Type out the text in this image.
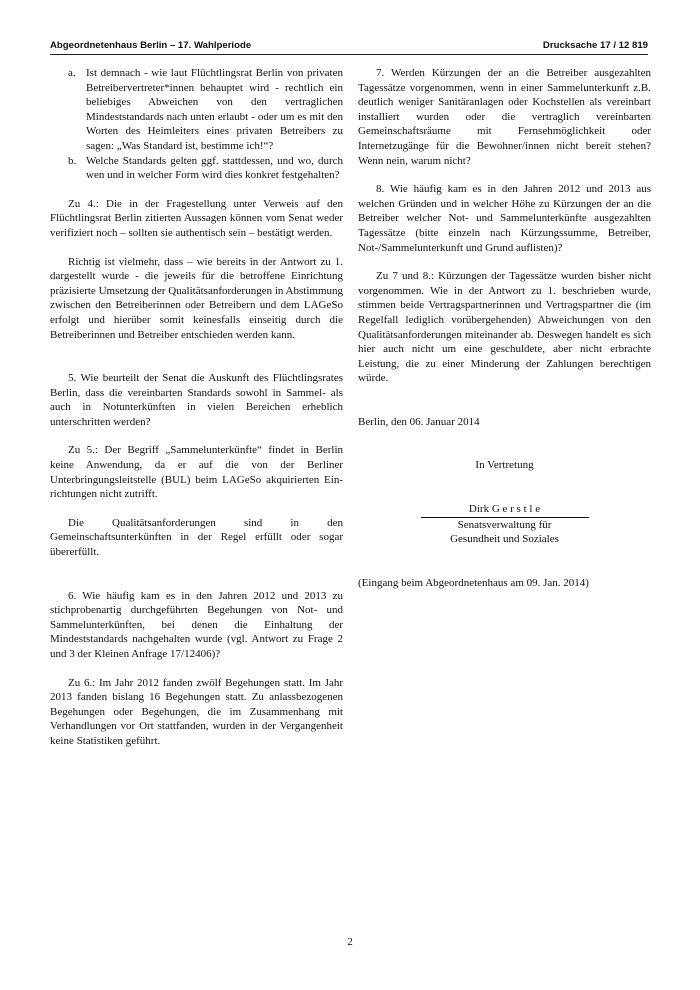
Abgeordnetenhaus Berlin – 17. Wahlperiode	Drucksache 17 / 12 819
a. Ist demnach - wie laut Flüchtlingsrat Berlin von privaten Betreibervertreter*innen behauptet wird - rechtlich ein beliebiges Abweichen von den vertraglichen Mindeststandards nach unten erlaubt - oder um es mit den Worten des Heimleiters eines privaten Betreibers zu sagen: „Was Standard ist, bestimme ich!“?
b. Welche Standards gelten ggf. stattdessen, und wo, durch wen und in welcher Form wird dies konkret festgehalten?

Zu 4.: Die in der Fragestellung unter Verweis auf den Flüchtlingsrat Berlin zitierten Aussagen können vom Senat weder verifiziert noch – sollten sie authentisch sein – bestätigt werden.

Richtig ist vielmehr, dass – wie bereits in der Antwort zu 1. dargestellt wurde - die jeweils für die betroffene Einrichtung präzisierte Umsetzung der Qualitätsanforderungen in Abstimmung zwischen den Betreiberinnen oder Betreibern und dem LAGeSo erfolgt und hierüber somit keinesfalls einseitig durch die Betreiberinnen und Betreiber entschieden werden kann.

5. Wie beurteilt der Senat die Auskunft des Flüchtlingsrates Berlin, dass die vereinbarten Standards sowohl in Sammel- als auch in Notunterkünften in vielen Bereichen erheblich unterschritten werden?

Zu 5.: Der Begriff „Sammelunterkünfte“ findet in Berlin keine Anwendung, da er auf die von der Berliner Unterbringungsleitstelle (BUL) beim LAGeSo akquirierten Ein-richtungen nicht zutrifft.

Die Qualitätsanforderungen sind in den Gemeinschaftsunterkünften in der Regel erfüllt oder sogar übererfüllt.

6. Wie häufig kam es in den Jahren 2012 und 2013 zu stichprobenartig durchgeführten Begehungen von Not- und Sammelunterkünften, bei denen die Einhaltung der Mindeststandards nachgehalten wurde (vgl. Antwort zu Frage 2 und 3 der Kleinen Anfrage 17/12406)?

Zu 6.: Im Jahr 2012 fanden zwölf Begehungen statt. Im Jahr 2013 fanden bislang 16 Begehungen statt. Zu anlassbezogenen Begehungen oder Begehungen, die im Zusammenhang mit Verhandlungen vor Ort stattfanden, wurden in der Vergangenheit keine Statistiken geführt.

7. Werden Kürzungen der an die Betreiber ausgezahlten Tagessätze vorgenommen, wenn in einer Sammelunterkunft z.B. deutlich weniger Sanitäranlagen oder Kochstellen als vereinbart installiert wurden oder die vertraglich vereinbarten Gemeinschaftsräume mit Fernsehmöglichkeit oder Internetzugänge für die Bewohner/innen nicht bereit stehen? Wenn nein, warum nicht?

8. Wie häufig kam es in den Jahren 2012 und 2013 aus welchen Gründen und in welcher Höhe zu Kürzungen der an die Betreiber welcher Not- und Sammelunterkünfte ausgezahlten Tagessätze (bitte einzeln nach Kürzungssumme, Betreiber, Not-/Sammelunterkunft und Grund auflisten)?

Zu 7 und 8.: Kürzungen der Tagessätze wurden bisher nicht vorgenommen. Wie in der Antwort zu 1. beschrieben wurde, stimmen beide Vertragspartnerinnen und Vertragspartner die (im Regelfall lediglich vorübergehenden) Abweichungen von den Qualitätsanforderungen miteinander ab. Deswegen handelt es sich hier auch nicht um eine geschuldete, aber nicht erbrachte Leistung, die zu einer Minderung der Zahlungen berechtigen würde.

Berlin, den 06. Januar 2014

In Vertretung

Dirk G e r s t l e

Senatsverwaltung für

Gesundheit und Soziales

(Eingang beim Abgeordnetenhaus am 09. Jan. 2014)

2
